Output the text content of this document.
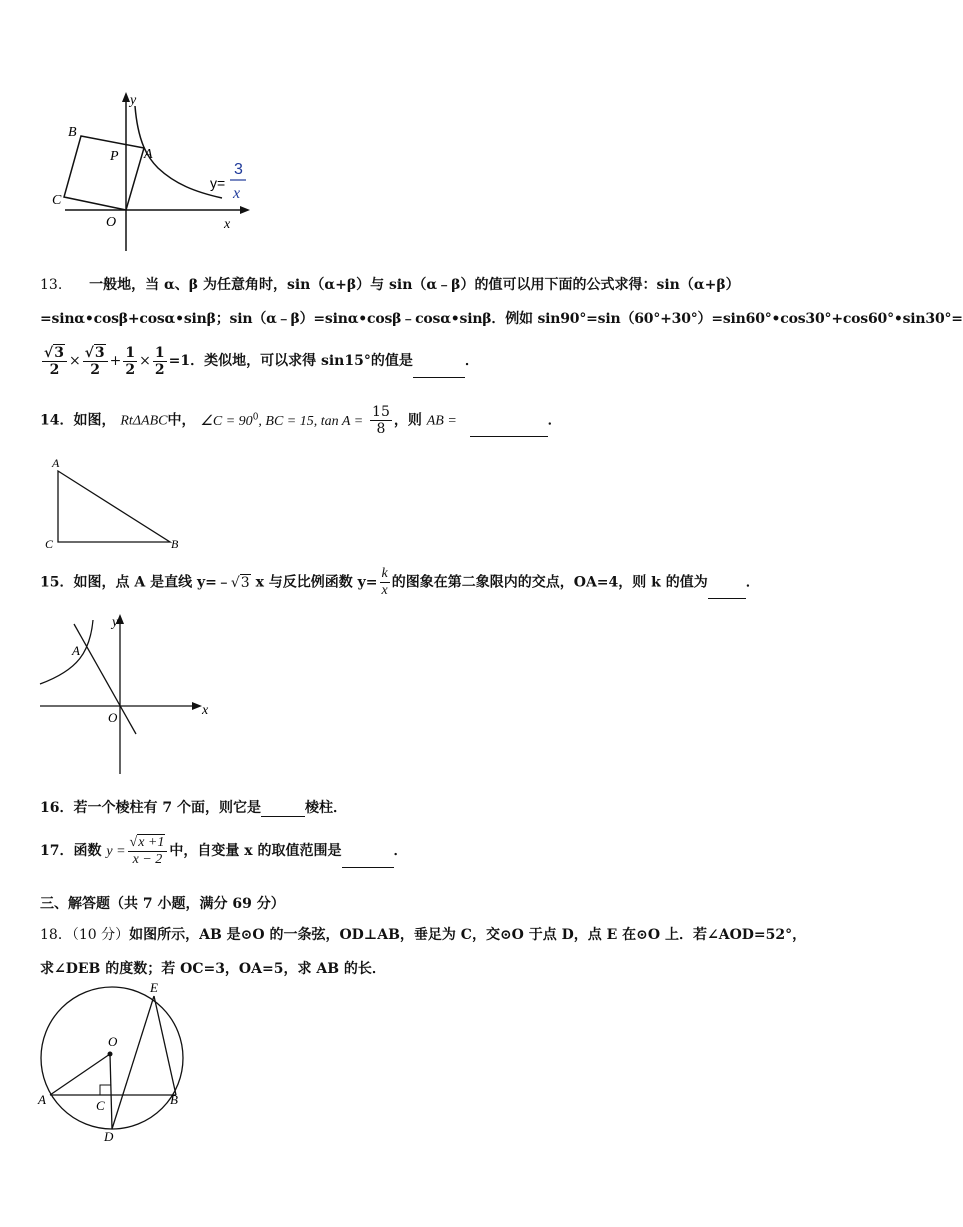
B
P A
C
O
y
x
y=
3
x
13. 一般地，当 α、β 为任意角时，sin（α+β）与 sin（α﹣β）的值可以用下面的公式求得：sin（α+β）
=sinα•cosβ+cosα•sinβ；sin（α﹣β）=sinα•cosβ﹣cosα•sinβ．例如 sin90°=sin（60°+30°）=sin60°•cos30°+cos60°•sin30°=
$\frac{√3}{2} \times \frac{√3}{2} + \frac{1}{2} \times \frac{1}{2} =1$．类似地，可以求得 sin15°的值是	．
14．如图， RtΔABC中， ∠C = $90^0$, BC = 15, $\tan A = \frac{15}{8}$ ，则 AB =	．
A
C	B
15．如图，点 A 是直线 y=﹣√3 x 与反比例函数 $y= \frac{k}{x}$ 的图象在第二象限内的交点，OA=4，则 k 的值为	．
A
O	x
y
16．若一个棱柱有 7 个面，则它是	棱柱．
17．函数 $y = \frac{√x +1}{x - 2}$ 中，自变量 x 的取值范围是	．
三、解答题（共 7 小题，满分 69 分）
18．（10 分）如图所示，AB 是⊙O 的一条弦，OD⊥AB，垂足为 C，交⊙O 于点 D，点 E 在⊙O 上．若∠AOD=52°，
求∠DEB 的度数；若 OC=3，OA=5，求 AB 的长．
E
O
A	C	B
D
